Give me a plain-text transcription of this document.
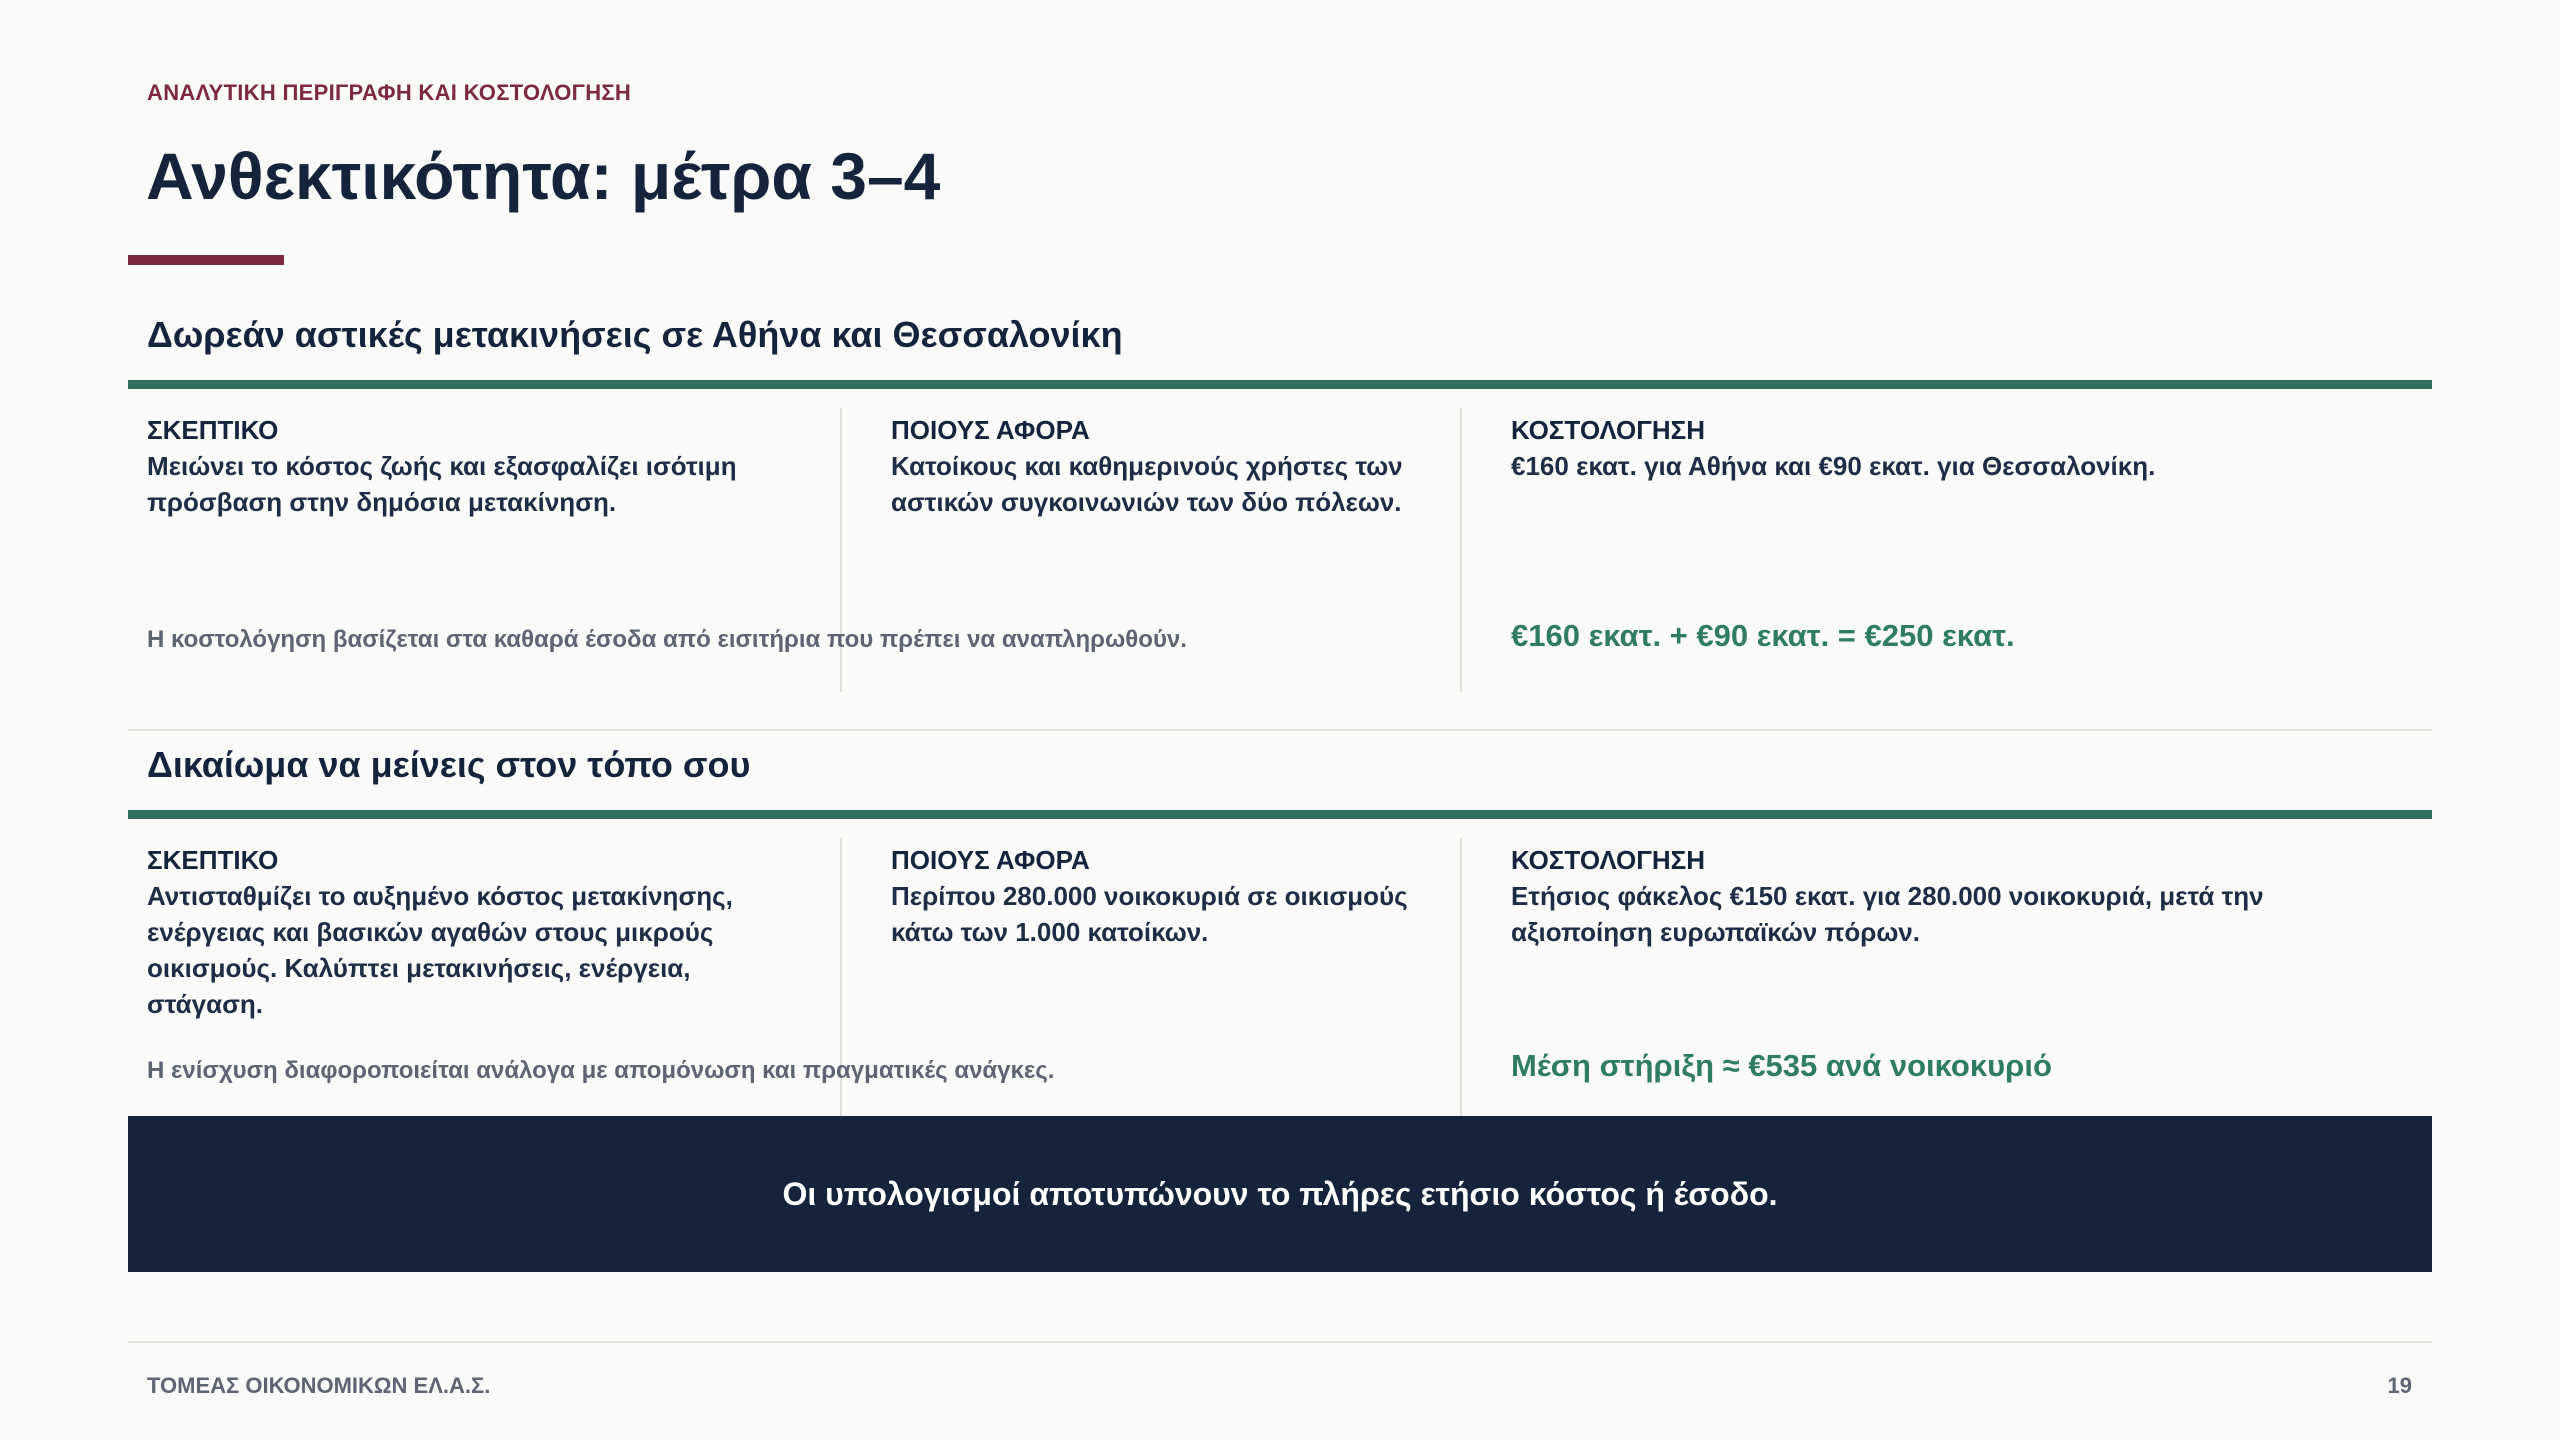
ΑΝΑΛΥΤΙΚΗ ΠΕΡΙΓΡΑΦΗ ΚΑΙ ΚΟΣΤΟΛΟΓΗΣΗ
Ανθεκτικότητα: μέτρα 3–4
Δωρεάν αστικές μετακινήσεις σε Αθήνα και Θεσσαλονίκη
ΣΚΕΠΤΙΚΟ
Μειώνει το κόστος ζωής και εξασφαλίζει ισότιμη πρόσβαση στην δημόσια μετακίνηση.
ΠΟΙΟΥΣ ΑΦΟΡΑ
Κατοίκους και καθημερινούς χρήστες των αστικών συγκοινωνιών των δύο πόλεων.
ΚΟΣΤΟΛΟΓΗΣΗ
€160 εκατ. για Αθήνα και €90 εκατ. για Θεσσαλονίκη.
Η κοστολόγηση βασίζεται στα καθαρά έσοδα από εισιτήρια που πρέπει να αναπληρωθούν.	€160 εκατ. + €90 εκατ. = €250 εκατ.
Δικαίωμα να μείνεις στον τόπο σου
ΣΚΕΠΤΙΚΟ
Αντισταθμίζει το αυξημένο κόστος μετακίνησης, ενέργειας και βασικών αγαθών στους μικρούς οικισμούς. Καλύπτει μετακινήσεις, ενέργεια, στάγαση.
ΠΟΙΟΥΣ ΑΦΟΡΑ
Περίπου 280.000 νοικοκυριά σε οικισμούς κάτω των 1.000 κατοίκων.
ΚΟΣΤΟΛΟΓΗΣΗ
Ετήσιος φάκελος €150 εκατ. για 280.000 νοικοκυριά, μετά την αξιοποίηση ευρωπαϊκών πόρων.
Η ενίσχυση διαφοροποιείται ανάλογα με απομόνωση και πραγματικές ανάγκες.	Μέση στήριξη ≈ €535 ανά νοικοκυριό
Οι υπολογισμοί αποτυπώνουν το πλήρες ετήσιο κόστος ή έσοδο.
ΤΟΜΕΑΣ ΟΙΚΟΝΟΜΙΚΩΝ ΕΛ.Α.Σ.	19
